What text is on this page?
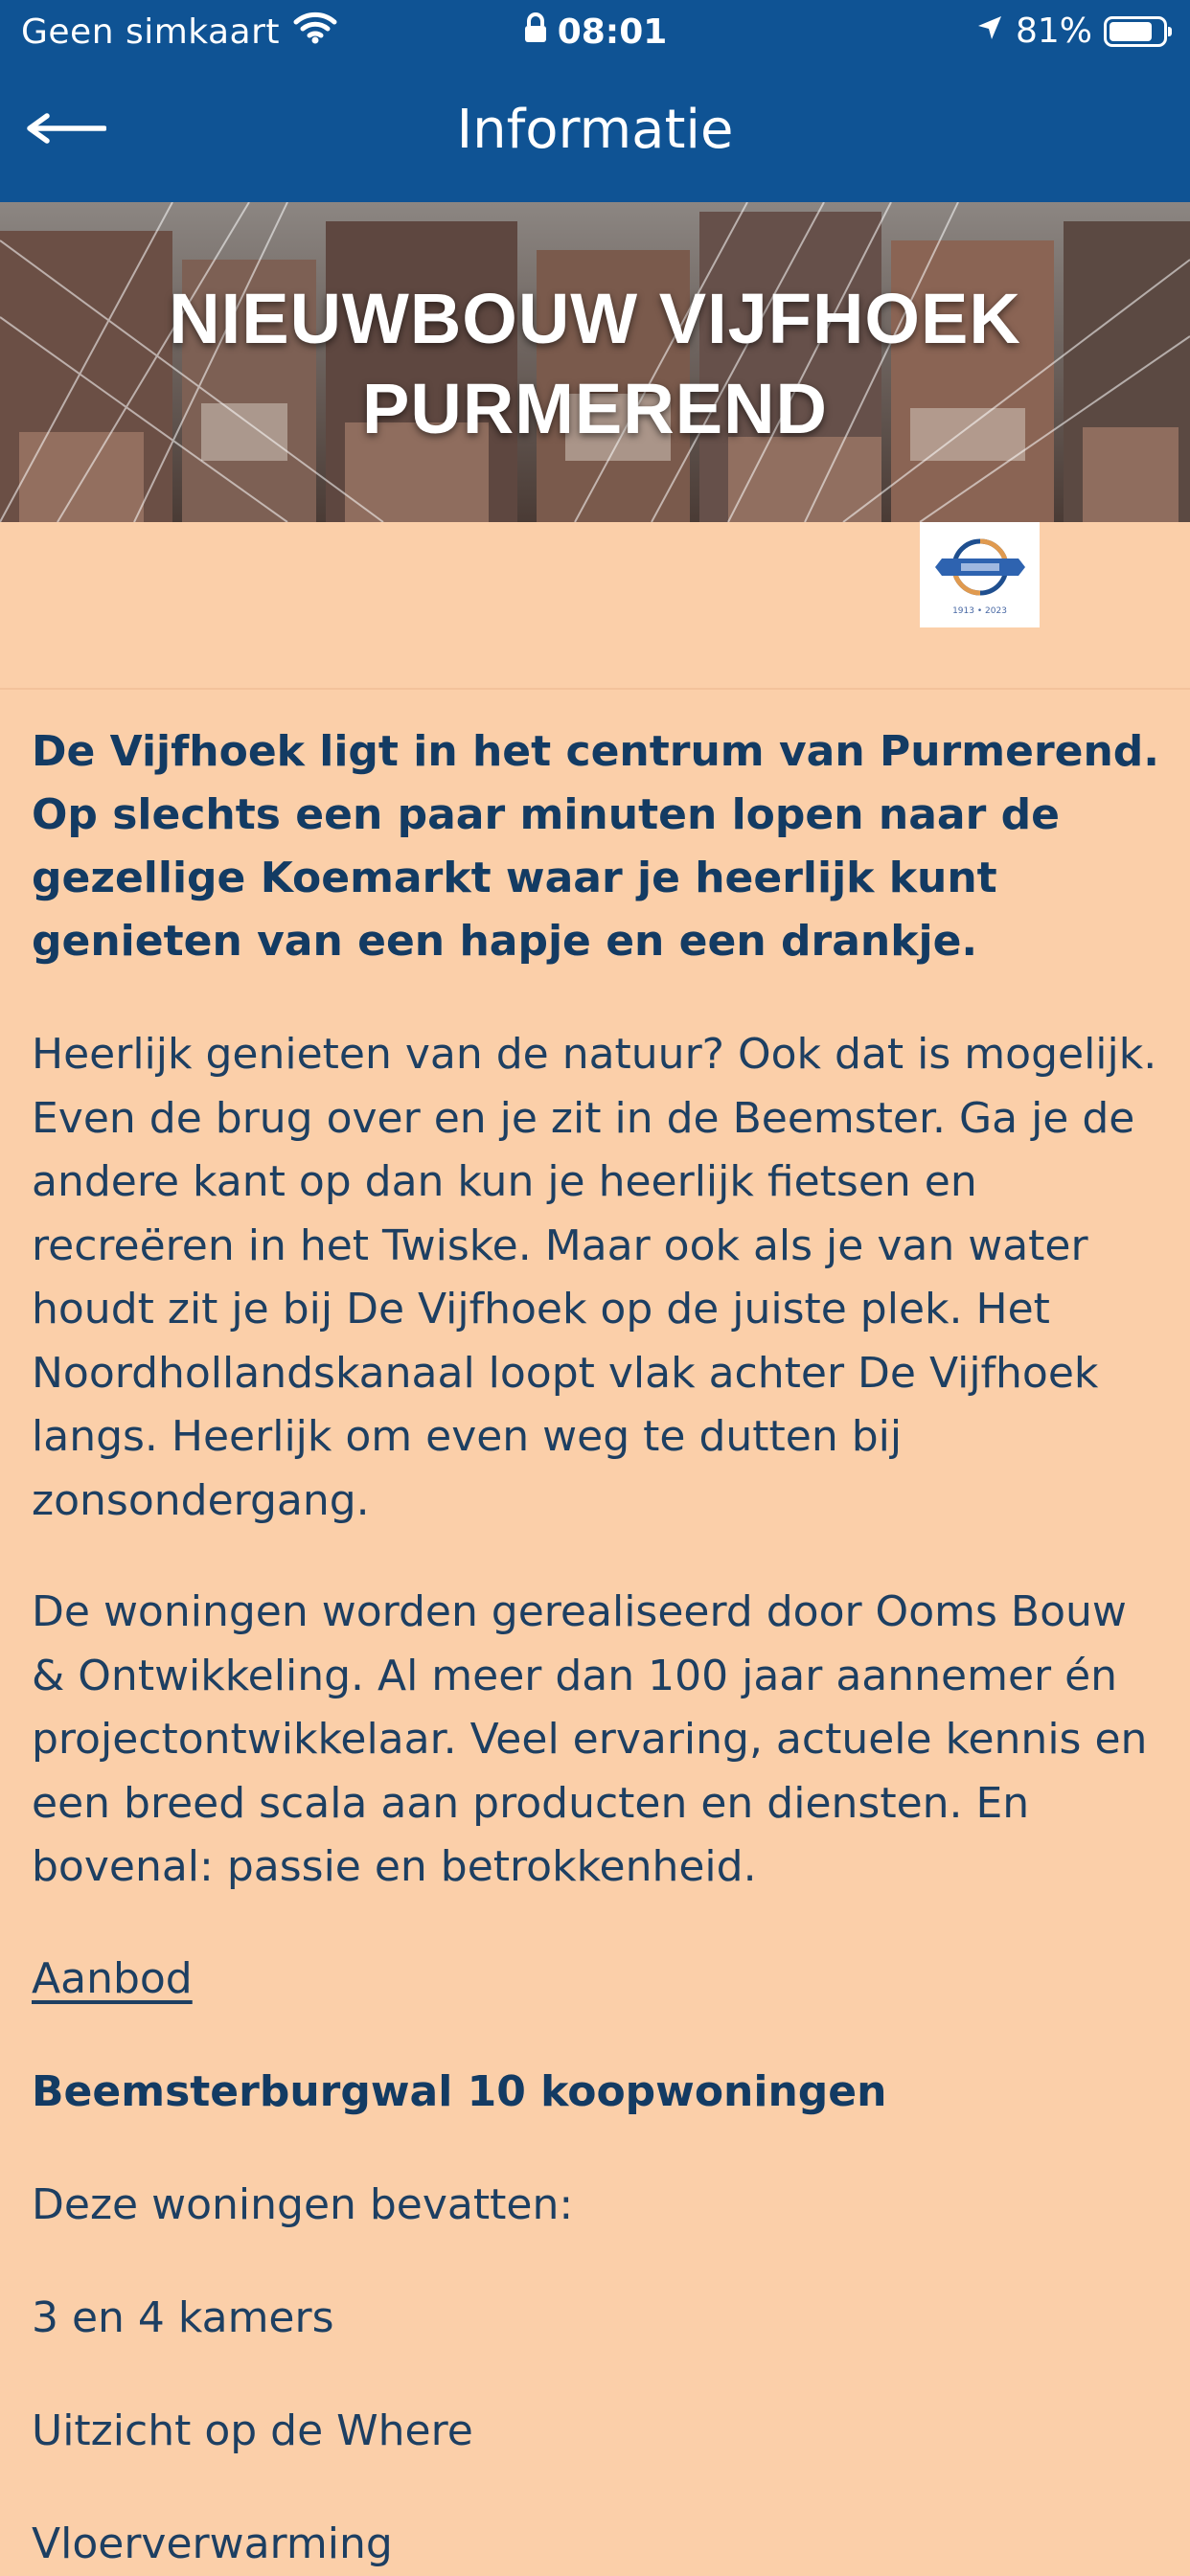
Geen simkaart	08:01	81%
Informatie
NIEUWBOUW VIJFHOEK
PURMEREND
1913 • 2023

De Vijfhoek ligt in het centrum van Purmerend. Op slechts een paar minuten lopen naar de gezellige Koemarkt waar je heerlijk kunt genieten van een hapje en een drankje.

Heerlijk genieten van de natuur? Ook dat is mogelijk. Even de brug over en je zit in de Beemster. Ga je de andere kant op dan kun je heerlijk fietsen en recreëren in het Twiske. Maar ook als je van water houdt zit je bij De Vijfhoek op de juiste plek. Het Noordhollandskanaal loopt vlak achter De Vijfhoek langs. Heerlijk om even weg te dutten bij zonsondergang.

De woningen worden gerealiseerd door Ooms Bouw & Ontwikkeling. Al meer dan 100 jaar aannemer én projectontwikkelaar. Veel ervaring, actuele kennis en een breed scala aan producten en diensten. En bovenal: passie en betrokkenheid.

Aanbod
Beemsterburgwal 10 koopwoningen
Deze woningen bevatten:
3 en 4 kamers
Uitzicht op de Where
Vloerverwarming
